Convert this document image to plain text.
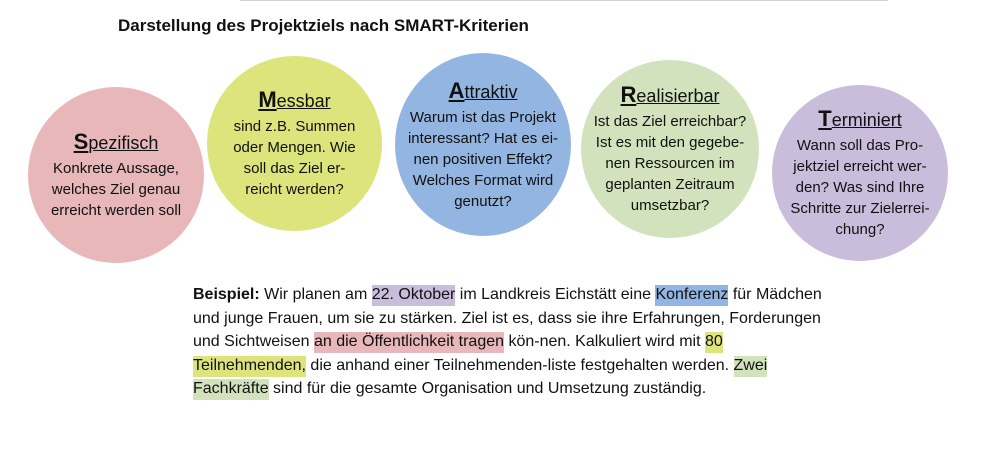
Darstellung des Projektziels nach SMART-Kriterien
Spezifisch
Konkrete Aussage,
welches Ziel genau
erreicht werden soll
Messbar
sind z.B. Summen
oder Mengen. Wie
soll das Ziel er-
reicht werden?
Attraktiv
Warum ist das Projekt
interessant? Hat es ei-
nen positiven Effekt?
Welches Format wird
genutzt?
Realisierbar
Ist das Ziel erreichbar?
Ist es mit den gegebe-
nen Ressourcen im
geplanten Zeitraum
umsetzbar?
Terminiert
Wann soll das Pro-
jektziel erreicht wer-
den? Was sind Ihre
Schritte zur Zielerrei-
chung?

Beispiel: Wir planen am 22. Oktober im Landkreis Eichstätt eine Konferenz für Mädchen und junge Frauen, um sie zu stärken. Ziel ist es, dass sie ihre Erfahrungen, Forderungen und Sichtweisen an die Öffentlichkeit tragen kön-nen. Kalkuliert wird mit 80 Teilnehmenden, die anhand einer Teilnehmenden-liste festgehalten werden. Zwei Fachkräfte sind für die gesamte Organisation und Umsetzung zuständig.
